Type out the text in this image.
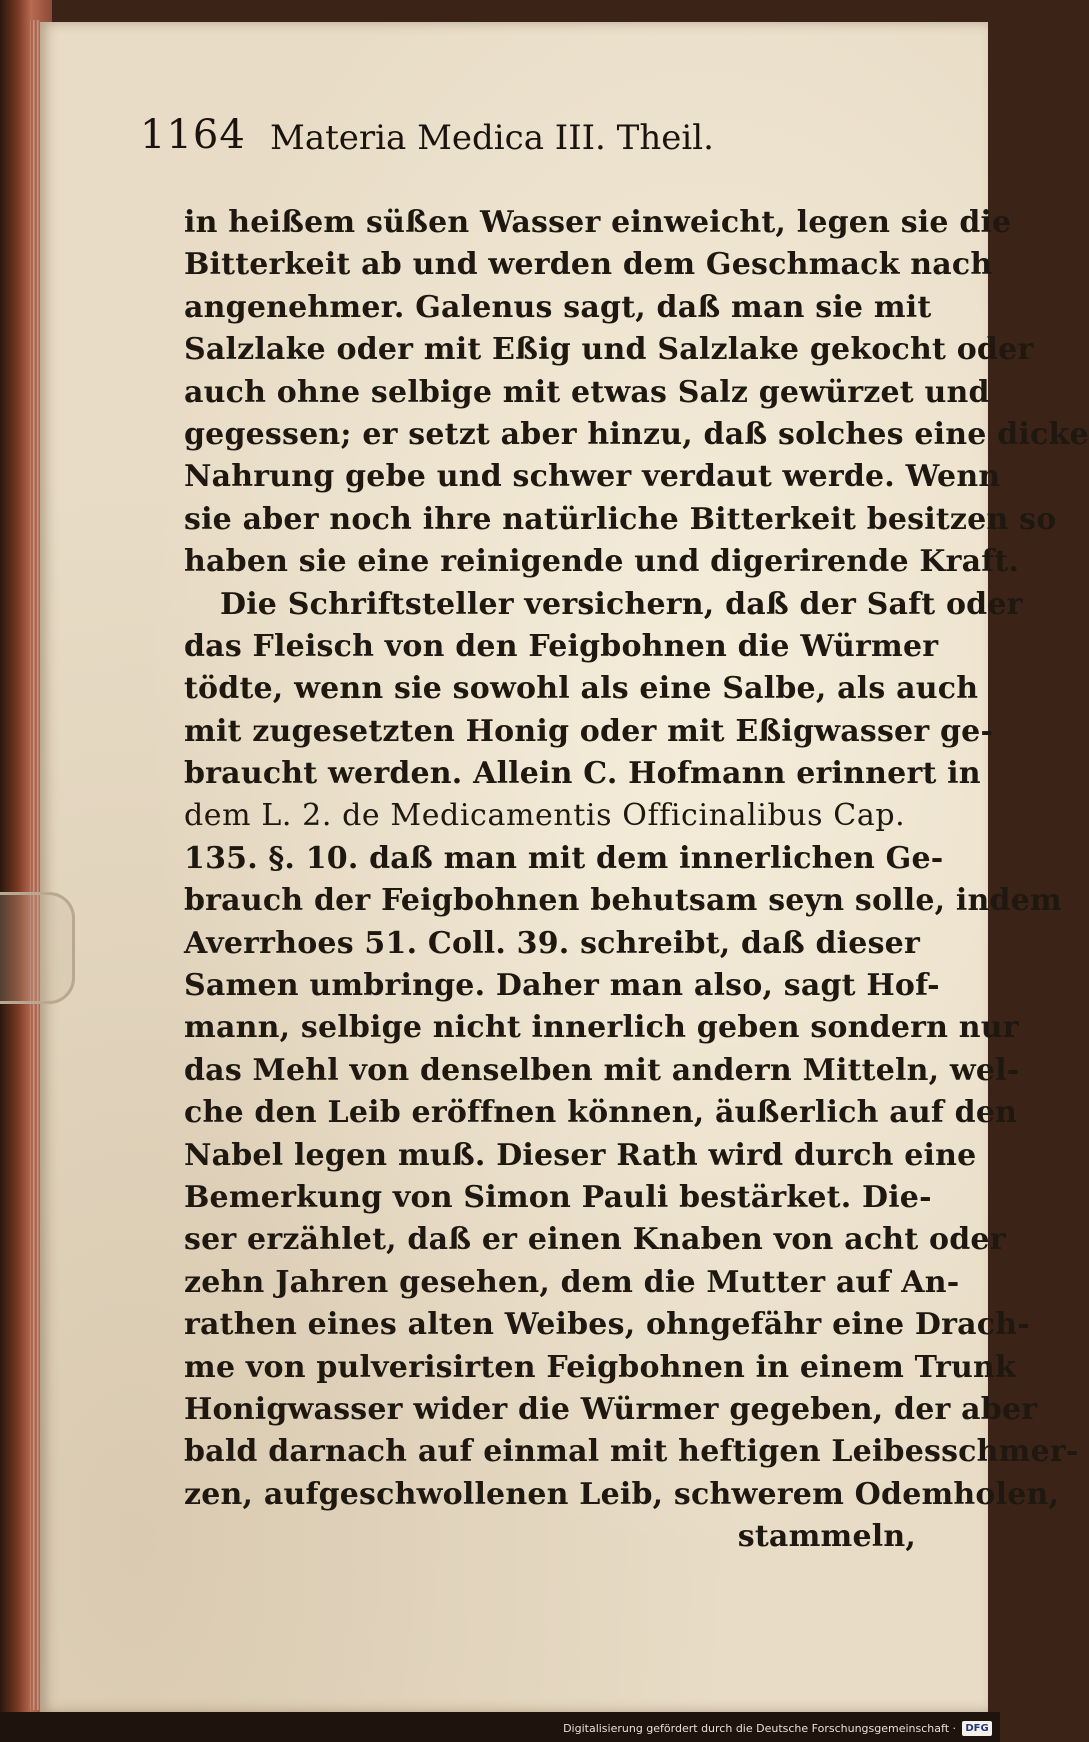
1164 Materia Medica III. Theil.
in heißem süßen Wasser einweicht, legen sie die
Bitterkeit ab und werden dem Geschmack nach
angenehmer. Galenus sagt, daß man sie mit
Salzlake oder mit Eßig und Salzlake gekocht oder
auch ohne selbige mit etwas Salz gewürzet und
gegessen; er setzt aber hinzu, daß solches eine dicke
Nahrung gebe und schwer verdaut werde. Wenn
sie aber noch ihre natürliche Bitterkeit besitzen so
haben sie eine reinigende und digerirende Kraft.
Die Schriftsteller versichern, daß der Saft oder
das Fleisch von den Feigbohnen die Würmer
tödte, wenn sie sowohl als eine Salbe, als auch
mit zugesetzten Honig oder mit Eßigwasser ge-
braucht werden. Allein C. Hofmann erinnert in
dem L. 2. de Medicamentis Officinalibus Cap.
135. §. 10. daß man mit dem innerlichen Ge-
brauch der Feigbohnen behutsam seyn solle, indem
Averrhoes 51. Coll. 39. schreibt, daß dieser
Samen umbringe. Daher man also, sagt Hof-
mann, selbige nicht innerlich geben sondern nur
das Mehl von denselben mit andern Mitteln, wel-
che den Leib eröffnen können, äußerlich auf den
Nabel legen muß. Dieser Rath wird durch eine
Bemerkung von Simon Pauli bestärket. Die-
ser erzählet, daß er einen Knaben von acht oder
zehn Jahren gesehen, dem die Mutter auf An-
rathen eines alten Weibes, ohngefähr eine Drach-
me von pulverisirten Feigbohnen in einem Trunk
Honigwasser wider die Würmer gegeben, der aber
bald darnach auf einmal mit heftigen Leibesschmer-
zen, aufgeschwollenen Leib, schwerem Odemholen,
stammeln,
Digitalisierung gefördert durch die Deutsche Forschungsgemeinschaft · DFG
